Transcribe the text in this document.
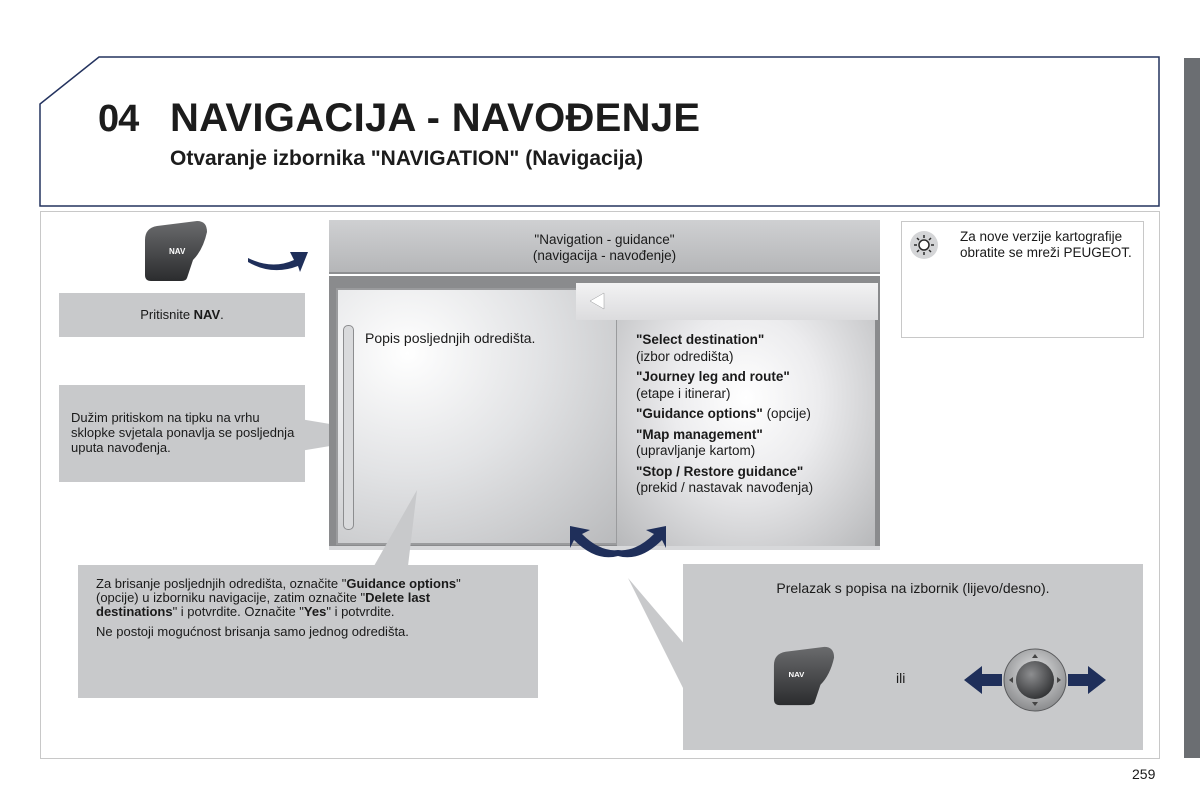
04 NAVIGACIJA - NAVOĐENJE
Otvaranje izbornika "NAVIGATION" (Navigacija)
NAV
Pritisnite NAV.
Dužim pritiskom na tipku na vrhu sklopke svjetala ponavlja se posljednja uputa navođenja.
"Navigation - guidance"
(navigacija - navođenje)
Popis posljednjih odredišta.	"Select destination"
(izbor odredišta)
"Journey leg and route"
(etape i itinerar)
"Guidance options" (opcije)
"Map management"
(upravljanje kartom)
"Stop / Restore guidance"
(prekid / nastavak navođenja)
Za nove verzije kartografije obratite se mreži PEUGEOT.

Za brisanje posljednjih odredišta, označite "Guidance options" (opcije) u izborniku navigacije, zatim označite "Delete last destinations" i potvrdite. Označite "Yes" i potvrdite.

Ne postoji mogućnost brisanja samo jednog odredišta.

Prelazak s popisa na izbornik (lijevo/desno).
NAV	ili
259
